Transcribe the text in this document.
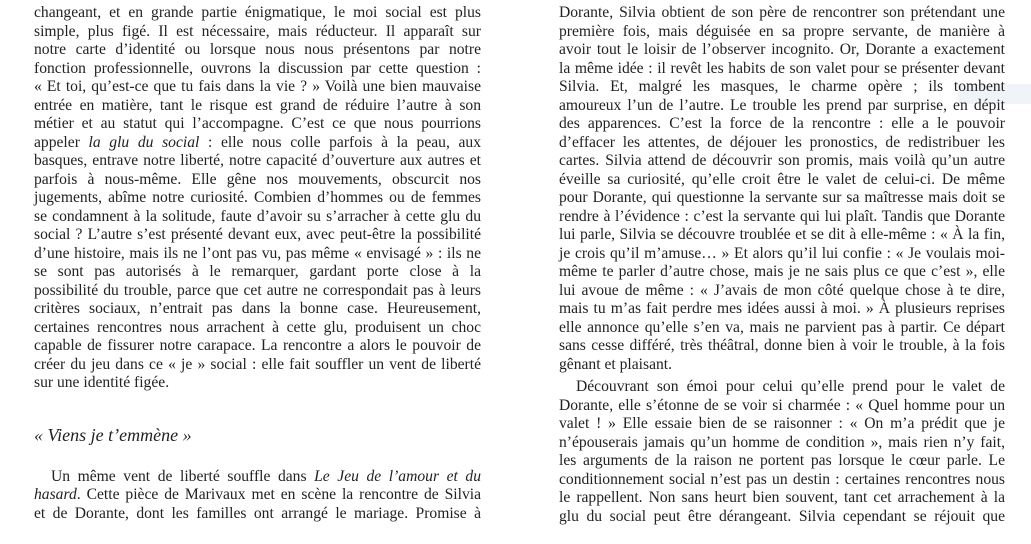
changeant, et en grande partie énigmatique, le moi social est plus
simple, plus figé. Il est nécessaire, mais réducteur. Il apparaît sur
notre carte d’identité ou lorsque nous nous présentons par notre
fonction professionnelle, ouvrons la discussion par cette question :
« Et toi, qu’est-ce que tu fais dans la vie ? » Voilà une bien mauvaise
entrée en matière, tant le risque est grand de réduire l’autre à son
métier et au statut qui l’accompagne. C’est ce que nous pourrions
appeler la glu du social : elle nous colle parfois à la peau, aux
basques, entrave notre liberté, notre capacité d’ouverture aux autres et
parfois à nous-même. Elle gêne nos mouvements, obscurcit nos
jugements, abîme notre curiosité. Combien d’hommes ou de femmes
se condamnent à la solitude, faute d’avoir su s’arracher à cette glu du
social ? L’autre s’est présenté devant eux, avec peut-être la possibilité
d’une histoire, mais ils ne l’ont pas vu, pas même « envisagé » : ils ne
se sont pas autorisés à le remarquer, gardant porte close à la
possibilité du trouble, parce que cet autre ne correspondait pas à leurs
critères sociaux, n’entrait pas dans la bonne case. Heureusement,
certaines rencontres nous arrachent à cette glu, produisent un choc
capable de fissurer notre carapace. La rencontre a alors le pouvoir de
créer du jeu dans ce « je » social : elle fait souffler un vent de liberté
sur une identité figée.
« Viens je t’emmène »
Un même vent de liberté souffle dans Le Jeu de l’amour et du
hasard. Cette pièce de Marivaux met en scène la rencontre de Silvia
et de Dorante, dont les familles ont arrangé le mariage. Promise à
Dorante, Silvia obtient de son père de rencontrer son prétendant une
première fois, mais déguisée en sa propre servante, de manière à
avoir tout le loisir de l’observer incognito. Or, Dorante a exactement
la même idée : il revêt les habits de son valet pour se présenter devant
Silvia. Et, malgré les masques, le charme opère ; ils tombent
amoureux l’un de l’autre. Le trouble les prend par surprise, en dépit
des apparences. C’est la force de la rencontre : elle a le pouvoir
d’effacer les attentes, de déjouer les pronostics, de redistribuer les
cartes. Silvia attend de découvrir son promis, mais voilà qu’un autre
éveille sa curiosité, qu’elle croit être le valet de celui-ci. De même
pour Dorante, qui questionne la servante sur sa maîtresse mais doit se
rendre à l’évidence : c’est la servante qui lui plaît. Tandis que Dorante
lui parle, Silvia se découvre troublée et se dit à elle-même : « À la fin,
je crois qu’il m’amuse… » Et alors qu’il lui confie : « Je voulais moi-
même te parler d’autre chose, mais je ne sais plus ce que c’est », elle
lui avoue de même : « J’avais de mon côté quelque chose à te dire,
mais tu m’as fait perdre mes idées aussi à moi. » À plusieurs reprises
elle annonce qu’elle s’en va, mais ne parvient pas à partir. Ce départ
sans cesse différé, très théâtral, donne bien à voir le trouble, à la fois
gênant et plaisant.
Découvrant son émoi pour celui qu’elle prend pour le valet de
Dorante, elle s’étonne de se voir si charmée : « Quel homme pour un
valet ! » Elle essaie bien de se raisonner : « On m’a prédit que je
n’épouserais jamais qu’un homme de condition », mais rien n’y fait,
les arguments de la raison ne portent pas lorsque le cœur parle. Le
conditionnement social n’est pas un destin : certaines rencontres nous
le rappellent. Non sans heurt bien souvent, tant cet arrachement à la
glu du social peut être dérangeant. Silvia cependant se réjouit que
